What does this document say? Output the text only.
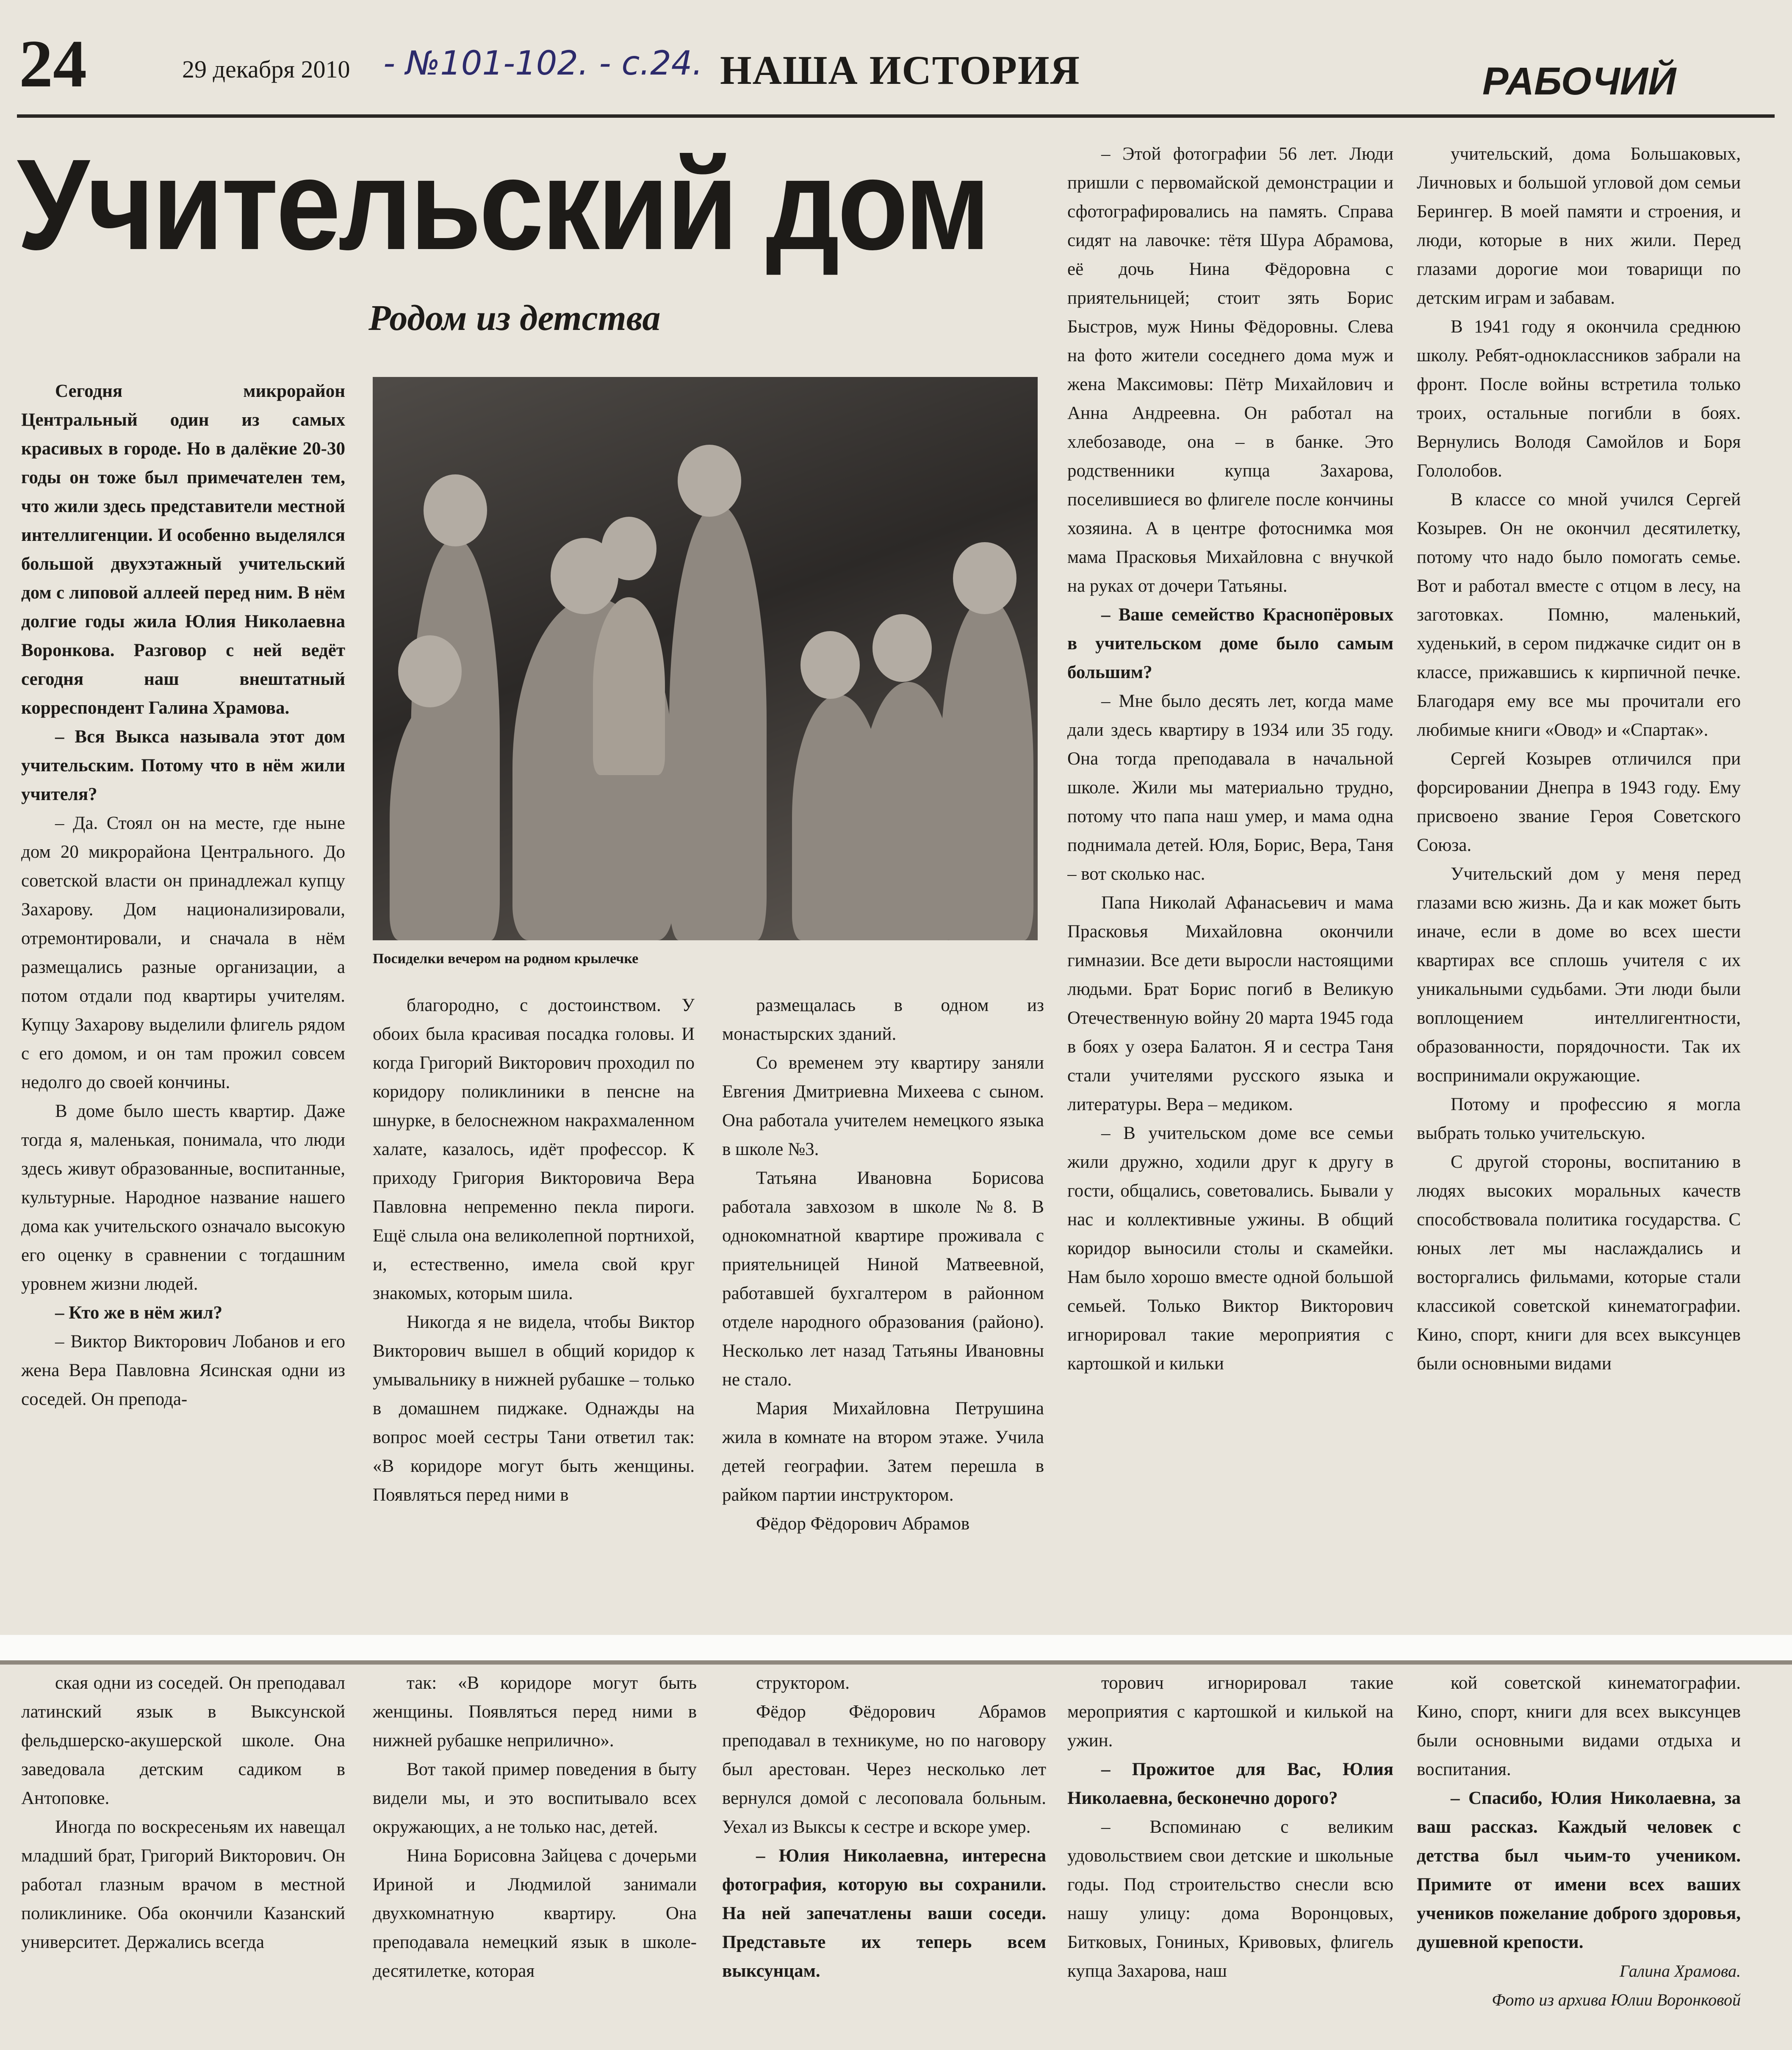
24	29 декабря 2010 - №101-102. - с.24. НАША ИСТОРИЯ	РАБОЧИЙ
Учительский дом
Родом из детства
Посиделки вечером на родном крылечке

Сегодня микрорайон Центральный один из самых красивых в городе. Но в далёкие 20-30 годы он тоже был примечателен тем, что жили здесь представители местной интеллигенции. И особенно выделялся большой двухэтажный учительский дом с липовой аллеей перед ним. В нём долгие годы жила Юлия Николаевна Воронкова. Разговор с ней ведёт сегодня наш внештатный корреспондент Галина Храмова.

– Вся Выкса называла этот дом учительским. Потому что в нём жили учителя?

– Да. Стоял он на месте, где ныне дом 20 микрорайона Центрального. До советской власти он принадлежал купцу Захарову. Дом национализировали, отремонтировали, и сначала в нём размещались разные организации, а потом отдали под квартиры учителям. Купцу Захарову выделили флигель рядом с его домом, и он там прожил совсем недолго до своей кончины.

В доме было шесть квартир. Даже тогда я, маленькая, понимала, что люди здесь живут образованные, воспитанные, культурные. Народное название нашего дома как учительского означало высокую его оценку в сравнении с тогдашним уровнем жизни людей.

– Кто же в нём жил?

– Виктор Викторович Лобанов и его жена Вера Павловна Ясинская одни из соседей. Он препода-

благородно, с достоинством. У обоих была красивая посадка головы. И когда Григорий Викторович проходил по коридору поликлиники в пенсне на шнурке, в белоснежном накрахмаленном халате, казалось, идёт профессор. К приходу Григория Викторовича Вера Павловна непременно пекла пироги. Ещё слыла она великолепной портнихой, и, естественно, имела свой круг знакомых, которым шила.

Никогда я не видела, чтобы Виктор Викторович вышел в общий коридор к умывальнику в нижней рубашке – только в домашнем пиджаке. Однажды на вопрос моей сестры Тани ответил так: «В коридоре могут быть женщины. Появляться перед ними в

размещалась в одном из монастырских зданий.

Со временем эту квартиру заняли Евгения Дмитриевна Михеева с сыном. Она работала учителем немецкого языка в школе №3.

Татьяна Ивановна Борисова работала завхозом в школе №8. В однокомнатной квартире проживала с приятельницей Ниной Матвеевной, работавшей бухгалтером в районном отделе народного образования (районо). Несколько лет назад Татьяны Ивановны не стало.

Мария Михайловна Петрушина жила в комнате на втором этаже. Учила детей географии. Затем перешла в райком партии инструктором.

Фёдор Фёдорович Абрамов

– Этой фотографии 56 лет. Люди пришли с первомайской демонстрации и сфотографировались на память. Справа сидят на лавочке: тётя Шура Абрамова, её дочь Нина Фёдоровна с приятельницей; стоит зять Борис Быстров, муж Нины Фёдоровны. Слева на фото жители соседнего дома муж и жена Максимовы: Пётр Михайлович и Анна Андреевна. Он работал на хлебозаводе, она – в банке. Это родственники купца Захарова, поселившиеся во флигеле после кончины хозяина. А в центре фотоснимка моя мама Прасковья Михайловна с внучкой на руках от дочери Татьяны.

– Ваше семейство Краснопёровых в учительском доме было самым большим?

– Мне было десять лет, когда маме дали здесь квартиру в 1934 или 35 году. Она тогда преподавала в начальной школе. Жили мы материально трудно, потому что папа наш умер, и мама одна поднимала детей. Юля, Борис, Вера, Таня – вот сколько нас.

Папа Николай Афанасьевич и мама Прасковья Михайловна окончили гимназии. Все дети выросли настоящими людьми. Брат Борис погиб в Великую Отечественную войну 20 марта 1945 года в боях у озера Балатон. Я и сестра Таня стали учителями русского языка и литературы. Вера – медиком.

– В учительском доме все семьи жили дружно, ходили друг к другу в гости, общались, советовались. Бывали у нас и коллективные ужины. В общий коридор выносили столы и скамейки. Нам было хорошо вместе одной большой семьей. Только Виктор Викторович игнорировал такие мероприятия с картошкой и кильки

учительский, дома Большаковых, Личновых и большой угловой дом семьи Берингер. В моей памяти и строения, и люди, которые в них жили. Перед глазами дорогие мои товарищи по детским играм и забавам.

В 1941 году я окончила среднюю школу. Ребят-одноклассников забрали на фронт. После войны встретила только троих, остальные погибли в боях. Вернулись Володя Самойлов и Боря Гололобов.

В классе со мной учился Сергей Козырев. Он не окончил десятилетку, потому что надо было помогать семье. Вот и работал вместе с отцом в лесу, на заготовках. Помню, маленький, худенький, в сером пиджачке сидит он в классе, прижавшись к кирпичной печке. Благодаря ему все мы прочитали его любимые книги «Овод» и «Спартак».

Сергей Козырев отличился при форсировании Днепра в 1943 году. Ему присвоено звание Героя Советского Союза.

Учительский дом у меня перед глазами всю жизнь. Да и как может быть иначе, если в доме во всех шести квартирах все сплошь учителя с их уникальными судьбами. Эти люди были воплощением интеллигентности, образованности, порядочности. Так их воспринимали окружающие.

Потому и профессию я могла выбрать только учительскую.

С другой стороны, воспитанию в людях высоких моральных качеств способствовала политика государства. С юных лет мы наслаждались и восторгались фильмами, которые стали классикой советской кинематографии. Кино, спорт, книги для всех выксунцев были основными видами

ская одни из соседей. Он преподавал латинский язык в Выксунской фельдшерско-акушерской школе. Она заведовала детским садиком в Антоповке.

Иногда по воскресеньям их навещал младший брат, Григорий Викторович. Он работал глазным врачом в местной поликлинике. Оба окончили Казанский университет. Держались всегда

так: «В коридоре могут быть женщины. Появляться перед ними в нижней рубашке неприлично».

Вот такой пример поведения в быту видели мы, и это воспитывало всех окружающих, а не только нас, детей.

Нина Борисовна Зайцева с дочерьми Ириной и Людмилой занимали двухкомнатную квартиру. Она преподавала немецкий язык в школе-десятилетке, которая

структором.

Фёдор Фёдорович Абрамов преподавал в техникуме, но по наговору был арестован. Через несколько лет вернулся домой с лесоповала больным. Уехал из Выксы к сестре и вскоре умер.

– Юлия Николаевна, интересна фотография, которую вы сохранили. На ней запечатлены ваши соседи. Представьте их теперь всем выксунцам.

торович игнорировал такие мероприятия с картошкой и килькой на ужин.

– Прожитое для Вас, Юлия Николаевна, бесконечно дорого?

– Вспоминаю с великим удовольствием свои детские и школьные годы. Под строительство снесли всю нашу улицу: дома Воронцовых, Битковых, Гониных, Кривовых, флигель купца Захарова, наш

кой советской кинематографии. Кино, спорт, книги для всех выксунцев были основными видами отдыха и воспитания.

– Спасибо, Юлия Николаевна, за ваш рассказ. Каждый человек с детства был чьим-то учеником. Примите от имени всех ваших учеников пожелание доброго здоровья, душевной крепости.

Галина Храмова.

Фото из архива Юлии Воронковой
